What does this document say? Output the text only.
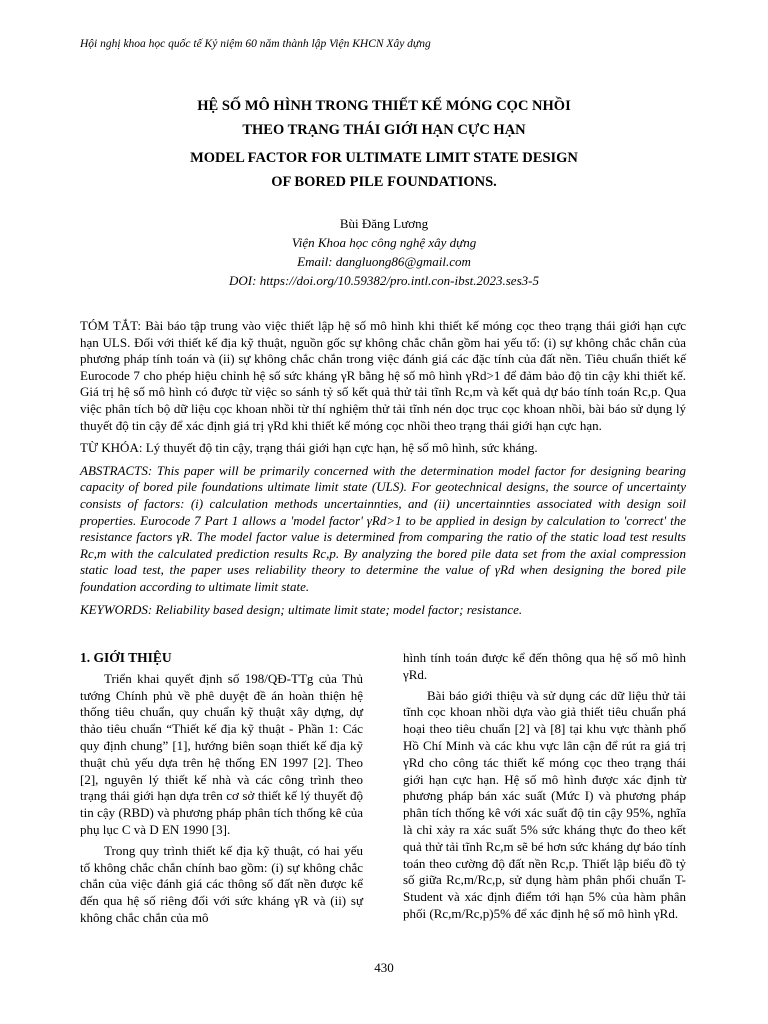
Hội nghị khoa học quốc tế Kỷ niệm 60 năm thành lập Viện KHCN Xây dựng

HỆ SỐ MÔ HÌNH TRONG THIẾT KẾ MÓNG CỌC NHỒI

THEO TRẠNG THÁI GIỚI HẠN CỰC HẠN

MODEL FACTOR FOR ULTIMATE LIMIT STATE DESIGN

OF BORED PILE FOUNDATIONS.

Bùi Đăng Lương
Viện Khoa học công nghệ xây dựng
Email: dangluong86@gmail.com
DOI: https://doi.org/10.59382/pro.intl.con-ibst.2023.ses3-5

TÓM TẮT: Bài báo tập trung vào việc thiết lập hệ số mô hình khi thiết kế móng cọc theo trạng thái giới hạn cực hạn ULS. Đối với thiết kế địa kỹ thuật, nguồn gốc sự không chắc chắn gồm hai yếu tố: (i) sự không chắc chắn của phương pháp tính toán và (ii) sự không chắc chắn trong việc đánh giá các đặc tính của đất nền. Tiêu chuẩn thiết kế Eurocode 7 cho phép hiệu chỉnh hệ số sức kháng γR bằng hệ số mô hình γRd>1 để đảm bảo độ tin cậy khi thiết kế. Giá trị hệ số mô hình có được từ việc so sánh tỷ số kết quả thử tải tĩnh Rc,m và kết quả dự báo tính toán Rc,p. Qua việc phân tích bộ dữ liệu cọc khoan nhồi từ thí nghiệm thử tải tĩnh nén dọc trục cọc khoan nhồi, bài báo sử dụng lý thuyết độ tin cậy để xác định giá trị γRd khi thiết kế móng cọc nhồi theo trạng thái giới hạn cực hạn.

TỪ KHÓA: Lý thuyết độ tin cậy, trạng thái giới hạn cực hạn, hệ số mô hình, sức kháng.

ABSTRACTS: This paper will be primarily concerned with the determination model factor for designing bearing capacity of bored pile foundations ultimate limit state (ULS). For geotechnical designs, the source of uncertainty consists of factors: (i) calculation methods uncertainnties, and (ii) uncertainnties associated with design soil properties. Eurocode 7 Part 1 allows a 'model factor' γRd>1 to be applied in design by calculation to 'correct' the resistance factors γR. The model factor value is determined from comparing the ratio of the static load test results Rc,m with the calculated prediction results Rc,p. By analyzing the bored pile data set from the axial compression static load test, the paper uses reliability theory to determine the value of γRd when designing the bored pile foundation according to ultimate limit state.

KEYWORDS: Reliability based design; ultimate limit state; model factor; resistance.

1. GIỚI THIỆU

Triển khai quyết định số 198/QĐ-TTg của Thủ tướng Chính phủ về phê duyệt đề án hoàn thiện hệ thống tiêu chuẩn, quy chuẩn kỹ thuật xây dựng, dự thảo tiêu chuẩn “Thiết kế địa kỹ thuật - Phần 1: Các quy định chung” [1], hướng biên soạn thiết kế địa kỹ thuật chủ yếu dựa trên hệ thống EN 1997 [2]. Theo [2], nguyên lý thiết kế nhà và các công trình theo trạng thái giới hạn dựa trên cơ sở thiết kế lý thuyết độ tin cậy (RBD) và phương pháp phân tích thống kê của phụ lục C và D EN 1990 [3].

Trong quy trình thiết kế địa kỹ thuật, có hai yếu tố không chắc chắn chính bao gồm: (i) sự không chắc chắn của việc đánh giá các thông số đất nền được kể đến qua hệ số riêng đối với sức kháng γR và (ii) sự không chắc chắn của mô

hình tính toán được kể đến thông qua hệ số mô hình γRd.

Bài báo giới thiệu và sử dụng các dữ liệu thử tải tĩnh cọc khoan nhồi dựa vào giả thiết tiêu chuẩn phá hoại theo tiêu chuẩn [2] và [8] tại khu vực thành phố Hồ Chí Minh và các khu vực lân cận để rút ra giá trị γRd cho công tác thiết kế móng cọc theo trạng thái giới hạn cực hạn. Hệ số mô hình được xác định từ phương pháp bán xác suất (Mức I) và phương pháp phân tích thống kê với xác suất độ tin cậy 95%, nghĩa là chỉ xảy ra xác suất 5% sức kháng thực đo theo kết quả thử tải tĩnh Rc,m sẽ bé hơn sức kháng dự báo tính toán theo cường độ đất nền Rc,p. Thiết lập biểu đồ tỷ số giữa Rc,m/Rc,p, sử dụng hàm phân phối chuẩn T-Student và xác định điểm tới hạn 5% của hàm phân phối (Rc,m/Rc,p)5% để xác định hệ số mô hình γRd.

430
